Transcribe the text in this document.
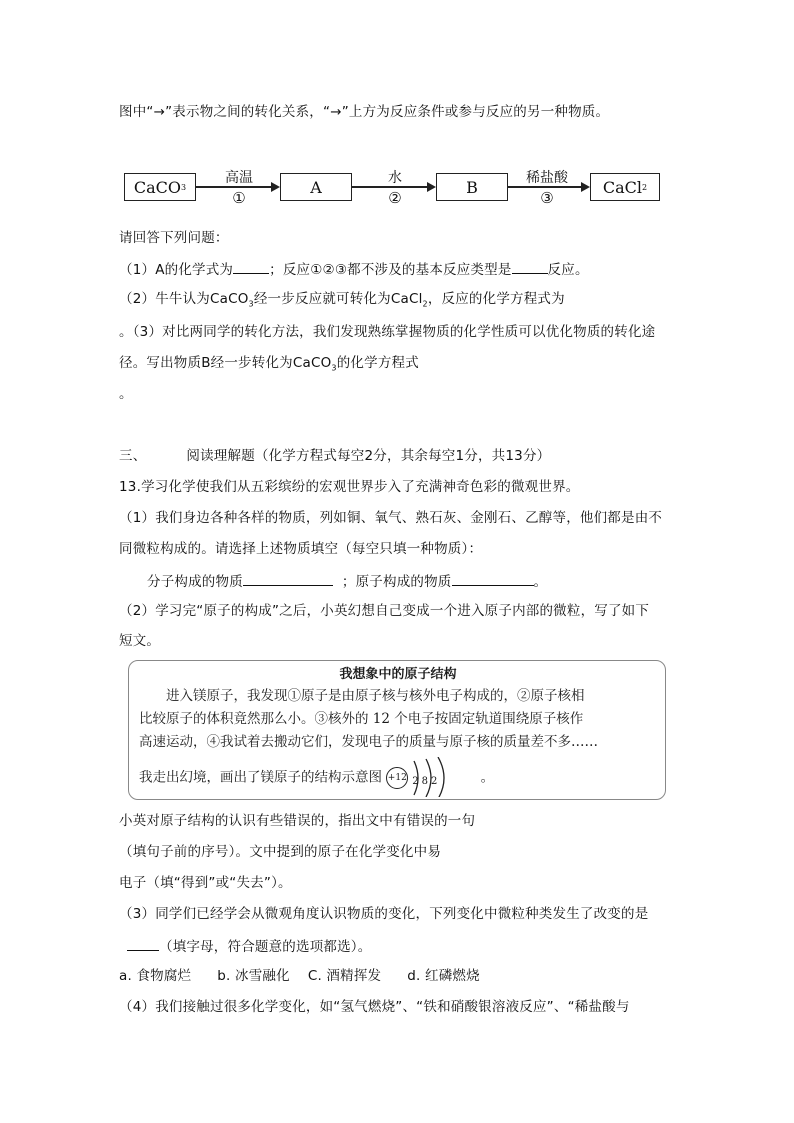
图中“→”表示物之间的转化关系，“→”上方为反应条件或参与反应的另一种物质。
CaCO 3
高温
①
A	水
②
B	稀盐酸
③
CaCl 2
请回答下列问题：
（1）A的化学式为	；反应①②③都不涉及的基本反应类型是	反应。
（2）牛牛认为CaCO$_3$经一步反应就可转化为CaCl$_2$，反应的化学方程式为
。（3）对比两同学的转化方法，我们发现熟练掌握物质的化学性质可以优化物质的转化途
径。写出物质B经一步转化为CaCO$_3$的化学方程式
。
三、	阅读理解题（化学方程式每空2分，其余每空1分，共13分）
13.学习化学使我们从五彩缤纷的宏观世界步入了充满神奇色彩的微观世界。
（1）我们身边各种各样的物质，列如铜、氧气、熟石灰、金刚石、乙醇等，他们都是由不
同微粒构成的。请选择上述物质填空（每空只填一种物质）：
分子构成的物质	；原子构成的物质	。
（2）学习完“原子的构成”之后，小英幻想自己变成一个进入原子内部的微粒，写了如下
短文。
我想象中的原子结构

　　进入镁原子，我发现①原子是由原子核与核外电子构成的，②原子核相

比较原子的体积竟然那么小。③核外的 12 个电子按固定轨道围绕原子核作

高速运动，④我试着去搬动它们，发现电子的质量与原子核的质量差不多……

我走出幻境，画出了镁原子的结构示意图 +12 282	。

小英对原子结构的认识有些错误的，指出文中有错误的一句
（填句子前的序号）。文中提到的原子在化学变化中易
电子（填“得到”或“失去”）。
（3）同学们已经学会从微观角度认识物质的变化，下列变化中微粒种类发生了改变的是
（填字母，符合题意的选项都选）。
a. 食物腐烂 b. 冰雪融化 C. 酒精挥发 d. 红磷燃烧
（4）我们接触过很多化学变化，如“氢气燃烧”、“铁和硝酸银溶液反应”、“稀盐酸与
